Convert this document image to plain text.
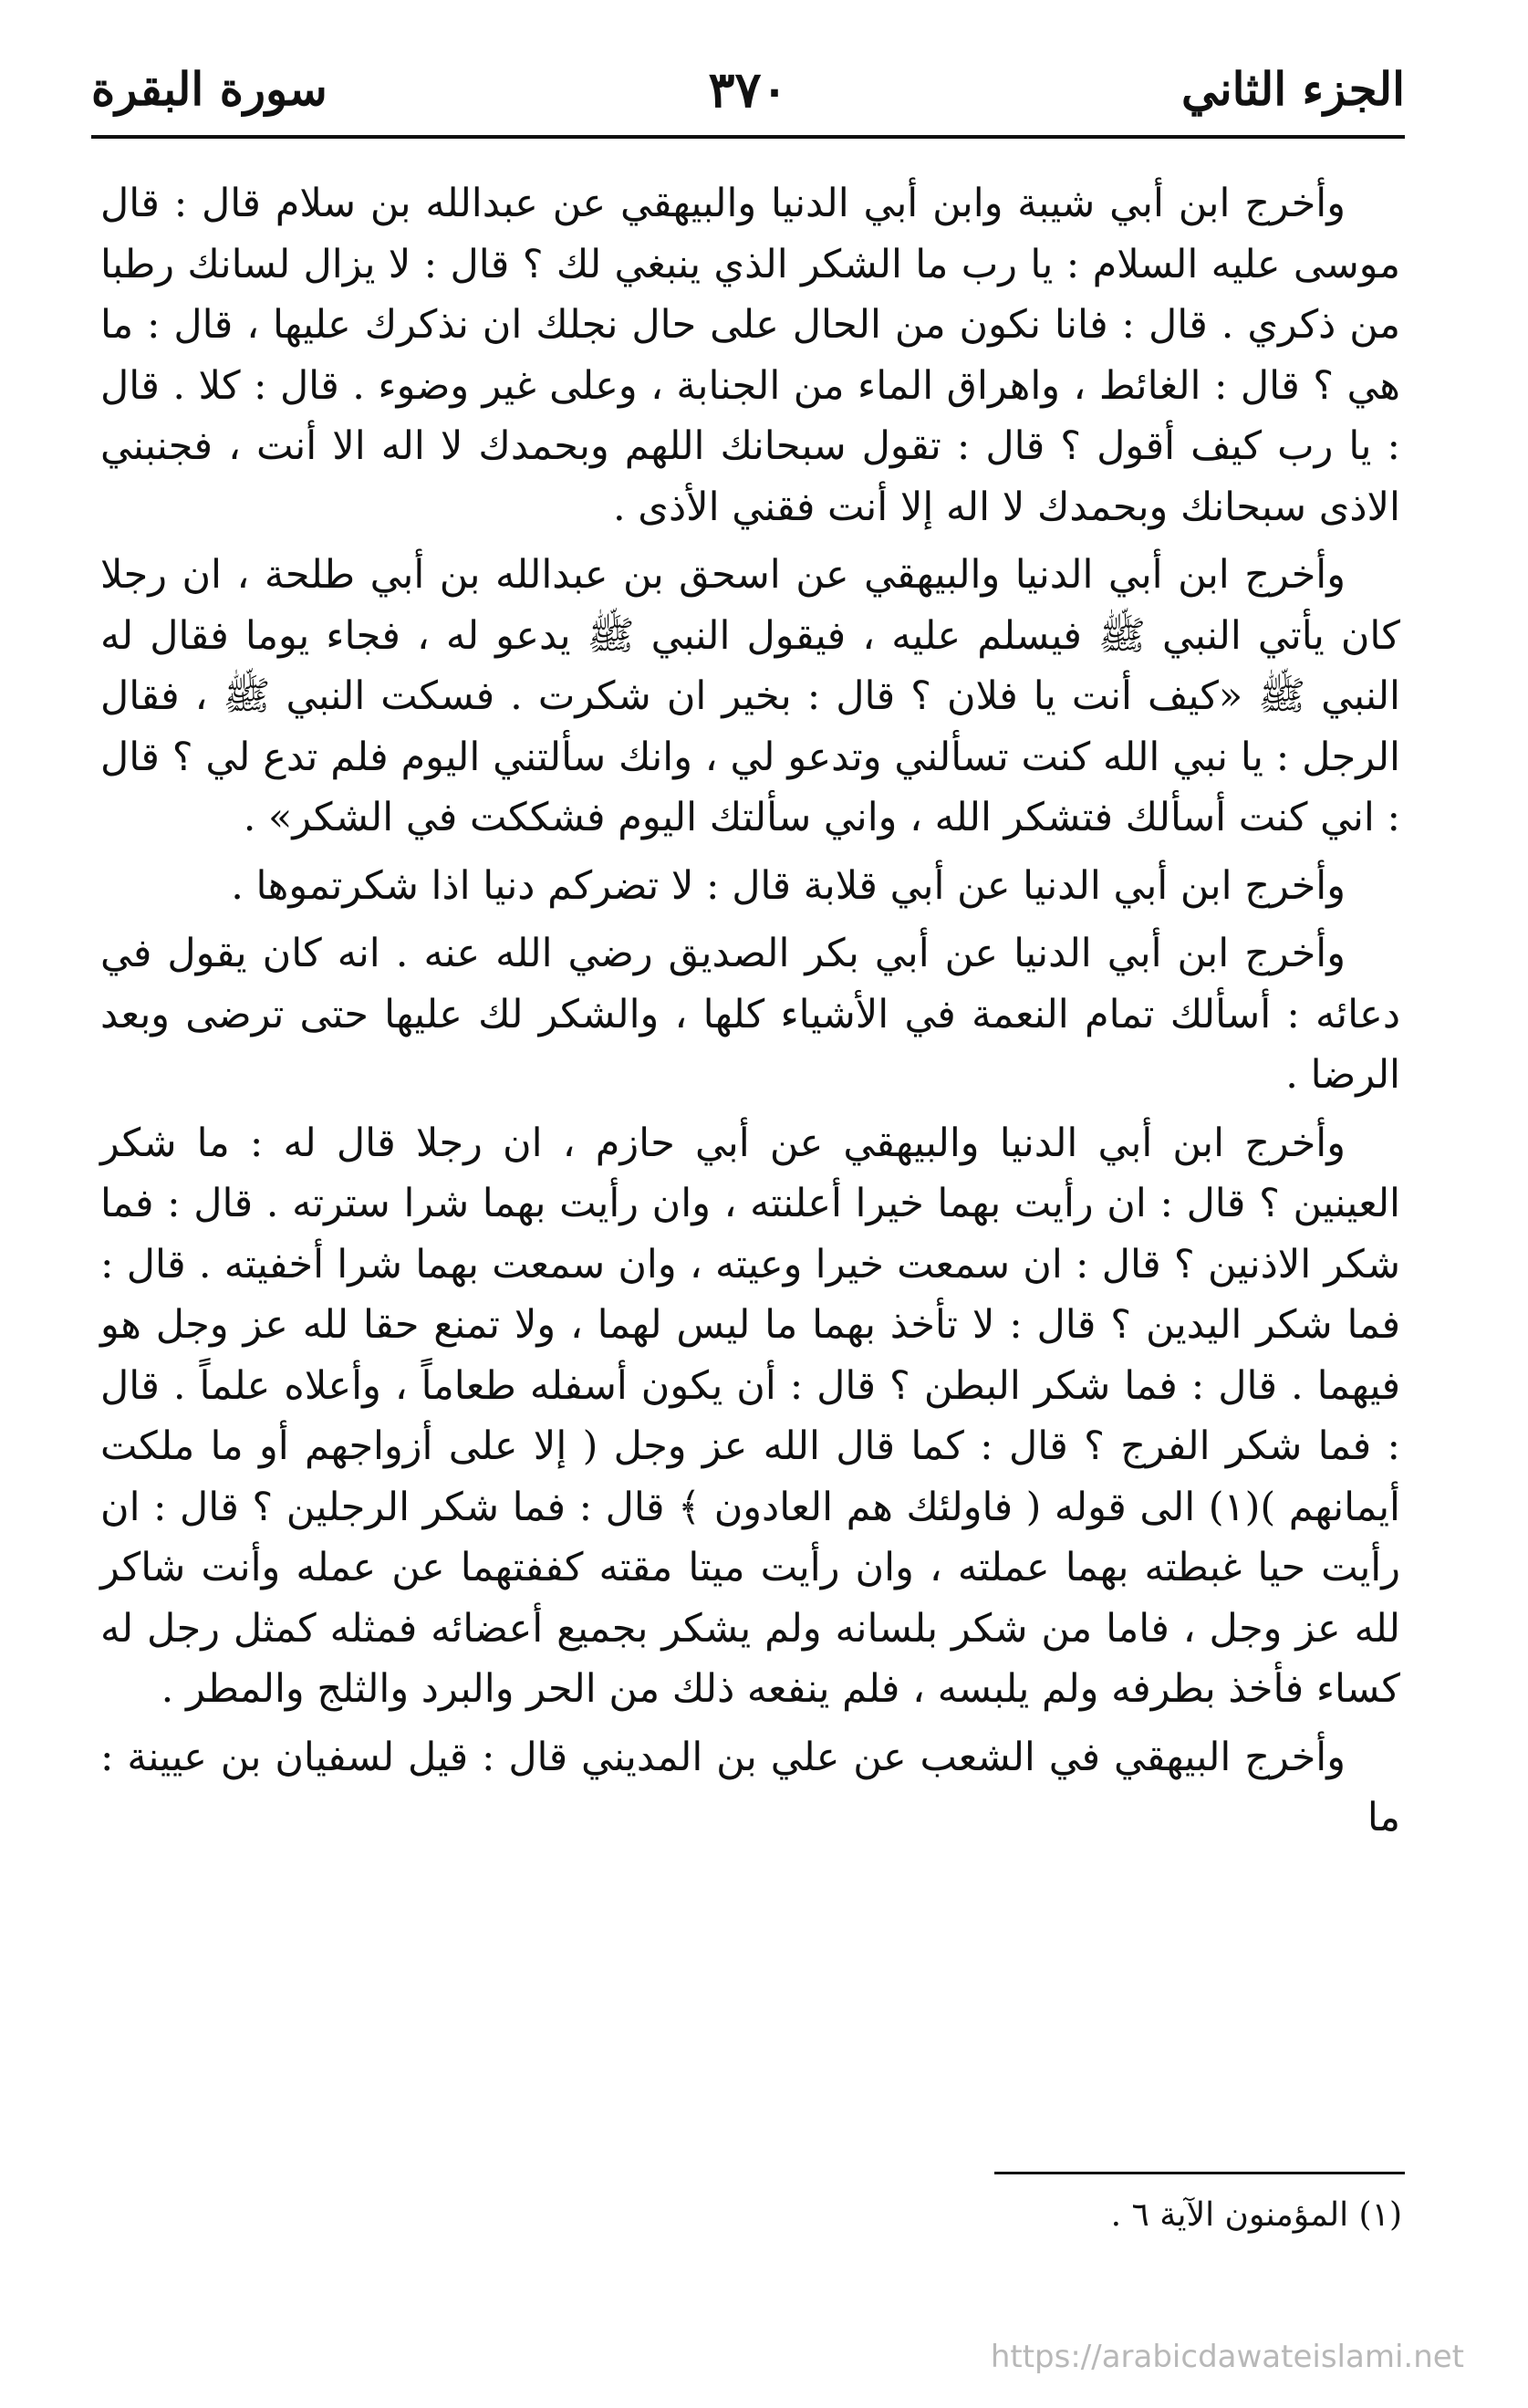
الجزء الثاني
٣٧٠
سورة البقرة

وأخرج ابن أبي شيبة وابن أبي الدنيا والبيهقي عن عبدالله بن سلام قال : قال موسى عليه السلام : يا رب ما الشكر الذي ينبغي لك ؟ قال : لا يزال لسانك رطبا من ذكري . قال : فانا نكون من الحال على حال نجلك ان نذكرك عليها ، قال : ما هي ؟ قال : الغائط ، واهراق الماء من الجنابة ، وعلى غير وضوء . قال : كلا . قال : يا رب كيف أقول ؟ قال : تقول سبحانك اللهم وبحمدك لا اله الا أنت ، فجنبني الاذى سبحانك وبحمدك لا اله إلا أنت فقني الأذى .

وأخرج ابن أبي الدنيا والبيهقي عن اسحق بن عبدالله بن أبي طلحة ، ان رجلا كان يأتي النبي ﷺ فيسلم عليه ، فيقول النبي ﷺ يدعو له ، فجاء يوما فقال له النبي ﷺ «كيف أنت يا فلان ؟ قال : بخير ان شكرت . فسكت النبي ﷺ ، فقال الرجل : يا نبي الله كنت تسألني وتدعو لي ، وانك سألتني اليوم فلم تدع لي ؟ قال : اني كنت أسألك فتشكر الله ، واني سألتك اليوم فشككت في الشكر» .

وأخرج ابن أبي الدنيا عن أبي قلابة قال : لا تضركم دنيا اذا شكرتموها .

وأخرج ابن أبي الدنيا عن أبي بكر الصديق رضي الله عنه . انه كان يقول في دعائه : أسألك تمام النعمة في الأشياء كلها ، والشكر لك عليها حتى ترضى وبعد الرضا .

وأخرج ابن أبي الدنيا والبيهقي عن أبي حازم ، ان رجلا قال له : ما شكر العينين ؟ قال : ان رأيت بهما خيرا أعلنته ، وان رأيت بهما شرا سترته . قال : فما شكر الاذنين ؟ قال : ان سمعت خيرا وعيته ، وان سمعت بهما شرا أخفيته . قال : فما شكر اليدين ؟ قال : لا تأخذ بهما ما ليس لهما ، ولا تمنع حقا لله عز وجل هو فيهما . قال : فما شكر البطن ؟ قال : أن يكون أسفله طعاماً ، وأعلاه علماً . قال : فما شكر الفرج ؟ قال : كما قال الله عز وجل ( إلا على أزواجهم أو ما ملكت أيمانهم )(١) الى قوله ( فاولئك هم العادون ﴾ قال : فما شكر الرجلين ؟ قال : ان رأيت حيا غبطته بهما عملته ، وان رأيت ميتا مقته كففتهما عن عمله وأنت شاكر لله عز وجل ، فاما من شكر بلسانه ولم يشكر بجميع أعضائه فمثله كمثل رجل له كساء فأخذ بطرفه ولم يلبسه ، فلم ينفعه ذلك من الحر والبرد والثلج والمطر .

وأخرج البيهقي في الشعب عن علي بن المديني قال : قيل لسفيان بن عيينة : ما

(١) المؤمنون الآية ٦ .
https://arabicdawateislami.net
